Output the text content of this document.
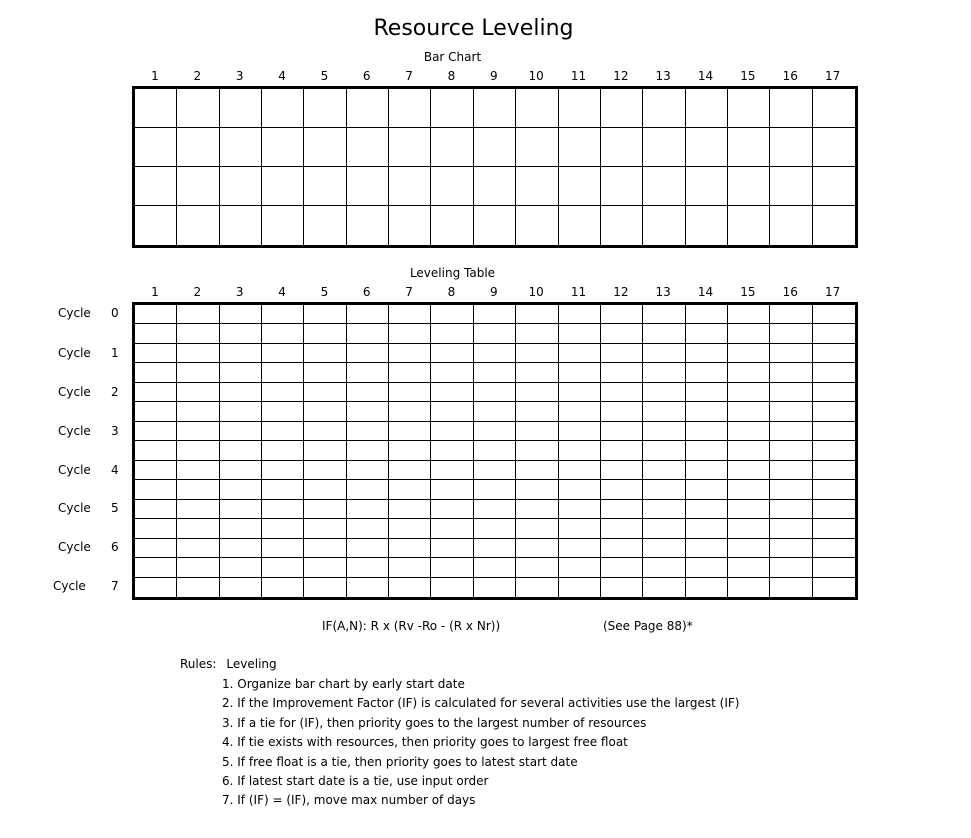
Resource Leveling
Bar Chart
1	2	3	4	5	6	7	8	9	10	11	12	13	14	15	16	17
Leveling Table
1	2	3	4	5	6	7	8	9	10	11	12	13	14	15	16	17
Cycle 0
Cycle 1
Cycle 2
Cycle 3
Cycle 4
Cycle 5
Cycle 6
Cycle 7
IF(A,N): R x (Rv -Ro - (R x Nr))	(See Page 88)*
Rules: Leveling
1. Organize bar chart by early start date
2. If the Improvement Factor (IF) is calculated for several activities use the largest (IF)
3. If a tie for (IF), then priority goes to the largest number of resources
4. If tie exists with resources, then priority goes to largest free float
5. If free float is a tie, then priority goes to latest start date
6. If latest start date is a tie, use input order
7. If (IF) = (IF), move max number of days
